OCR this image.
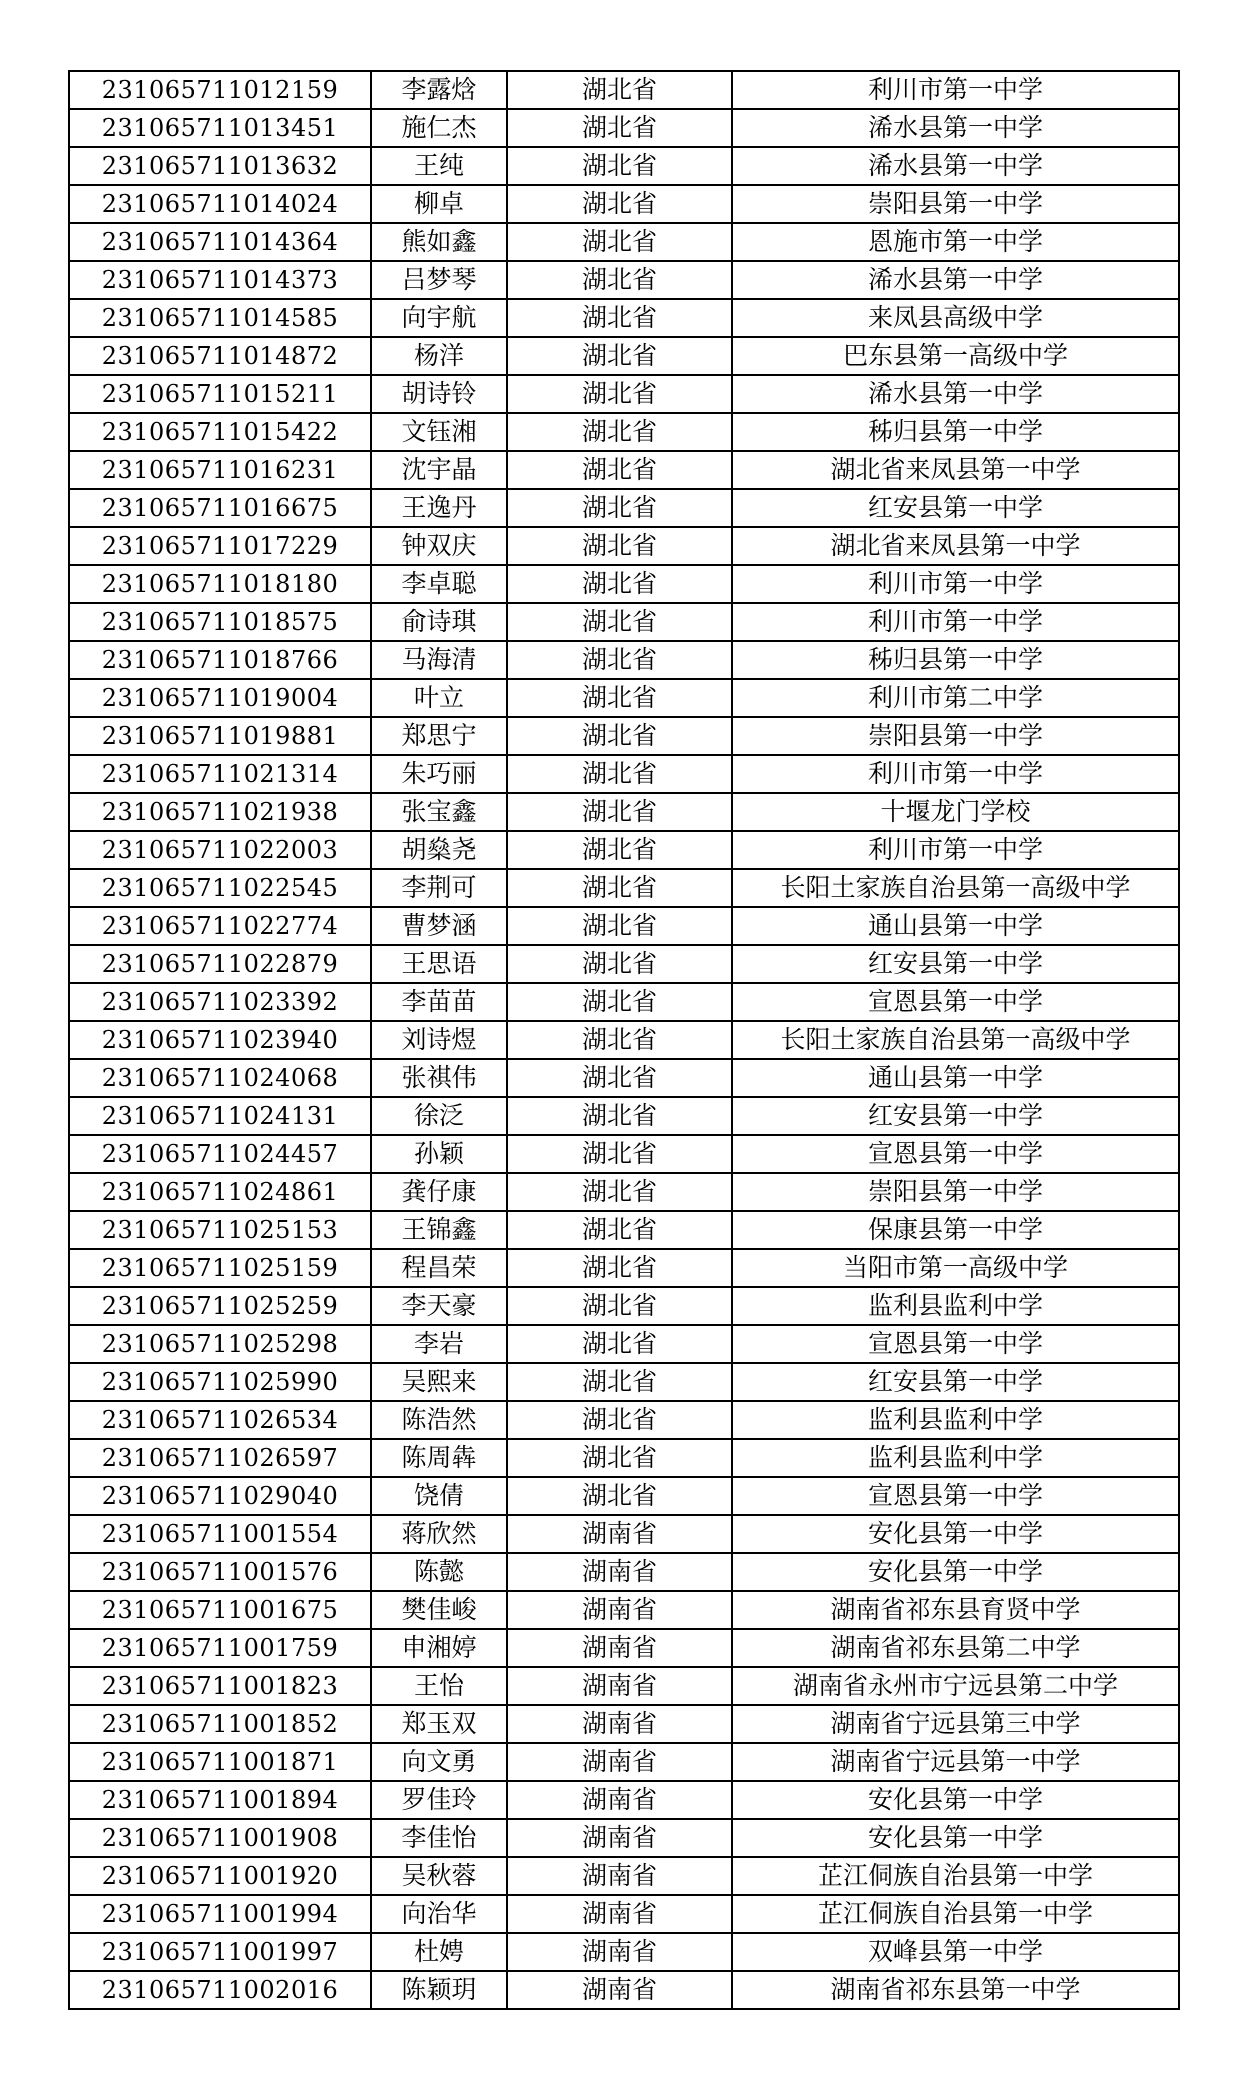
231065711012159	李露焓	湖北省	利川市第一中学
231065711013451	施仁杰	湖北省	浠水县第一中学
231065711013632	王纯	湖北省	浠水县第一中学
231065711014024	柳卓	湖北省	崇阳县第一中学
231065711014364	熊如鑫	湖北省	恩施市第一中学
231065711014373	吕梦琴	湖北省	浠水县第一中学
231065711014585	向宇航	湖北省	来凤县高级中学
231065711014872	杨洋	湖北省	巴东县第一高级中学
231065711015211	胡诗铃	湖北省	浠水县第一中学
231065711015422	文钰湘	湖北省	秭归县第一中学
231065711016231	沈宇晶	湖北省	湖北省来凤县第一中学
231065711016675	王逸丹	湖北省	红安县第一中学
231065711017229	钟双庆	湖北省	湖北省来凤县第一中学
231065711018180	李卓聪	湖北省	利川市第一中学
231065711018575	俞诗琪	湖北省	利川市第一中学
231065711018766	马海清	湖北省	秭归县第一中学
231065711019004	叶立	湖北省	利川市第二中学
231065711019881	郑思宁	湖北省	崇阳县第一中学
231065711021314	朱巧丽	湖北省	利川市第一中学
231065711021938	张宝鑫	湖北省	十堰龙门学校
231065711022003	胡燊尧	湖北省	利川市第一中学
231065711022545	李荆可	湖北省	长阳土家族自治县第一高级中学
231065711022774	曹梦涵	湖北省	通山县第一中学
231065711022879	王思语	湖北省	红安县第一中学
231065711023392	李苗苗	湖北省	宣恩县第一中学
231065711023940	刘诗煜	湖北省	长阳土家族自治县第一高级中学
231065711024068	张祺伟	湖北省	通山县第一中学
231065711024131	徐泛	湖北省	红安县第一中学
231065711024457	孙颖	湖北省	宣恩县第一中学
231065711024861	龚仔康	湖北省	崇阳县第一中学
231065711025153	王锦鑫	湖北省	保康县第一中学
231065711025159	程昌荣	湖北省	当阳市第一高级中学
231065711025259	李天豪	湖北省	监利县监利中学
231065711025298	李岩	湖北省	宣恩县第一中学
231065711025990	吴熙来	湖北省	红安县第一中学
231065711026534	陈浩然	湖北省	监利县监利中学
231065711026597	陈周犇	湖北省	监利县监利中学
231065711029040	饶倩	湖北省	宣恩县第一中学
231065711001554	蒋欣然	湖南省	安化县第一中学
231065711001576	陈懿	湖南省	安化县第一中学
231065711001675	樊佳峻	湖南省	湖南省祁东县育贤中学
231065711001759	申湘婷	湖南省	湖南省祁东县第二中学
231065711001823	王怡	湖南省	湖南省永州市宁远县第二中学
231065711001852	郑玉双	湖南省	湖南省宁远县第三中学
231065711001871	向文勇	湖南省	湖南省宁远县第一中学
231065711001894	罗佳玲	湖南省	安化县第一中学
231065711001908	李佳怡	湖南省	安化县第一中学
231065711001920	吴秋蓉	湖南省	芷江侗族自治县第一中学
231065711001994	向治华	湖南省	芷江侗族自治县第一中学
231065711001997	杜娉	湖南省	双峰县第一中学
231065711002016	陈颖玥	湖南省	湖南省祁东县第一中学
